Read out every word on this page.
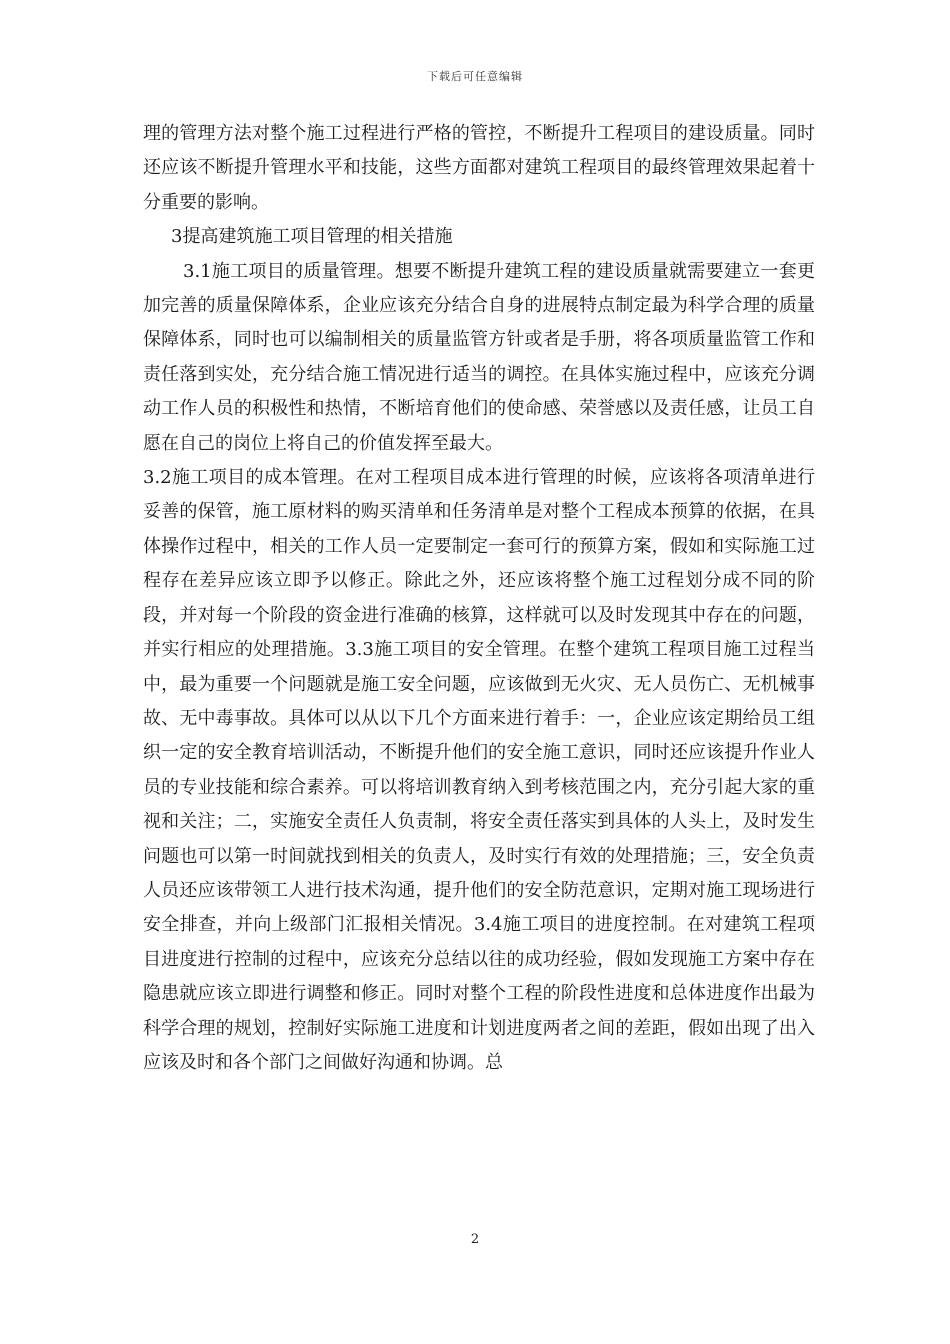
下载后可任意编辑

理的管理方法对整个施工过程进行严格的管控，不断提升工程项目的建设质量。同时还应该不断提升管理水平和技能，这些方面都对建筑工程项目的最终管理效果起着十分重要的影响。

3提高建筑施工项目管理的相关措施

3.1施工项目的质量管理。想要不断提升建筑工程的建设质量就需要建立一套更加完善的质量保障体系，企业应该充分结合自身的进展特点制定最为科学合理的质量保障体系，同时也可以编制相关的质量监管方针或者是手册，将各项质量监管工作和责任落到实处，充分结合施工情况进行适当的调控。在具体实施过程中，应该充分调动工作人员的积极性和热情，不断培育他们的使命感、荣誉感以及责任感，让员工自愿在自己的岗位上将自己的价值发挥至最大。

3.2施工项目的成本管理。在对工程项目成本进行管理的时候，应该将各项清单进行妥善的保管，施工原材料的购买清单和任务清单是对整个工程成本预算的依据，在具体操作过程中，相关的工作人员一定要制定一套可行的预算方案，假如和实际施工过程存在差异应该立即予以修正。除此之外，还应该将整个施工过程划分成不同的阶段，并对每一个阶段的资金进行准确的核算，这样就可以及时发现其中存在的问题，并实行相应的处理措施。3.3施工项目的安全管理。在整个建筑工程项目施工过程当中，最为重要一个问题就是施工安全问题，应该做到无火灾、无人员伤亡、无机械事故、无中毒事故。具体可以从以下几个方面来进行着手：一，企业应该定期给员工组织一定的安全教育培训活动，不断提升他们的安全施工意识，同时还应该提升作业人员的专业技能和综合素养。可以将培训教育纳入到考核范围之内，充分引起大家的重视和关注；二，实施安全责任人负责制，将安全责任落实到具体的人头上，及时发生问题也可以第一时间就找到相关的负责人，及时实行有效的处理措施；三，安全负责人员还应该带领工人进行技术沟通，提升他们的安全防范意识，定期对施工现场进行安全排查，并向上级部门汇报相关情况。3.4施工项目的进度控制。在对建筑工程项目进度进行控制的过程中，应该充分总结以往的成功经验，假如发现施工方案中存在隐患就应该立即进行调整和修正。同时对整个工程的阶段性进度和总体进度作出最为科学合理的规划，控制好实际施工进度和计划进度两者之间的差距，假如出现了出入应该及时和各个部门之间做好沟通和协调。总

2
